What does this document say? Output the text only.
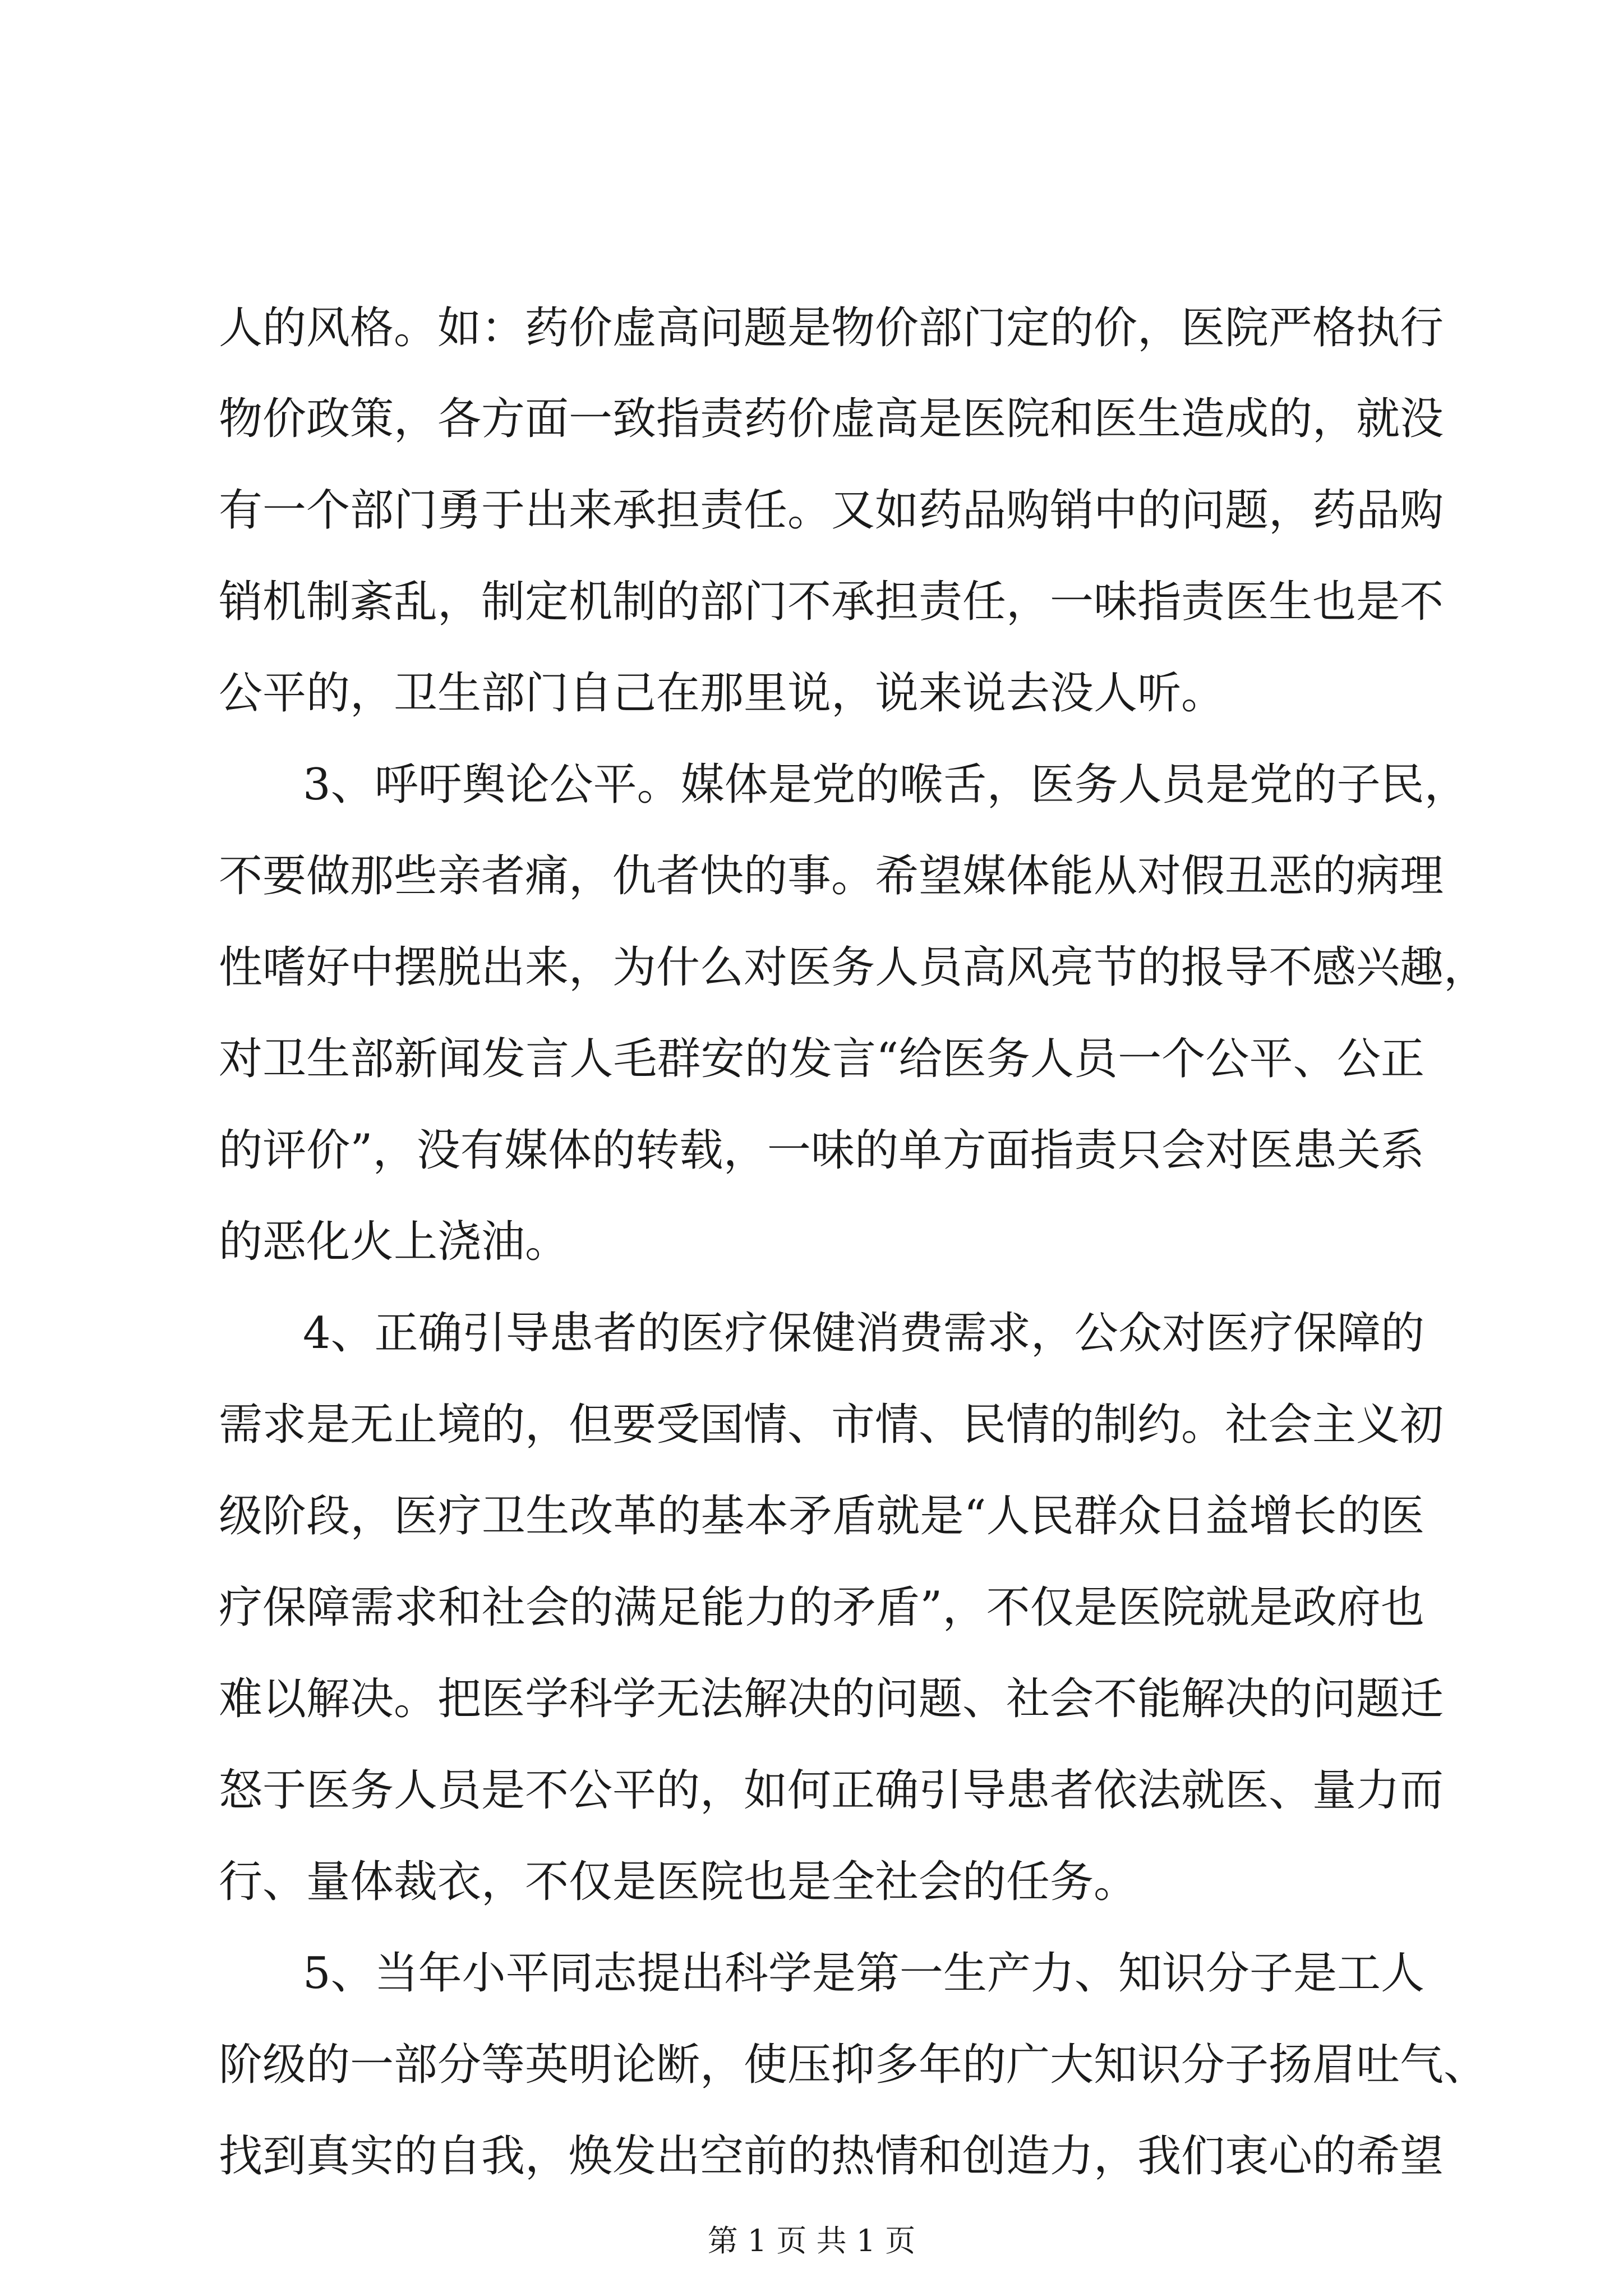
人的风格。如：药价虚高问题是物价部门定的价，医院严格执行
物价政策，各方面一致指责药价虚高是医院和医生造成的，就没
有一个部门勇于出来承担责任。又如药品购销中的问题，药品购
销机制紊乱，制定机制的部门不承担责任，一味指责医生也是不
公平的，卫生部门自己在那里说，说来说去没人听。
3、呼吁舆论公平。媒体是党的喉舌，医务人员是党的子民，
不要做那些亲者痛，仇者快的事。希望媒体能从对假丑恶的病理
性嗜好中摆脱出来，为什么对医务人员高风亮节的报导不感兴趣，
对卫生部新闻发言人毛群安的发言“给医务人员一个公平、公正
的评价”，没有媒体的转载，一味的单方面指责只会对医患关系
的恶化火上浇油。
4、正确引导患者的医疗保健消费需求，公众对医疗保障的
需求是无止境的，但要受国情、市情、民情的制约。社会主义初
级阶段，医疗卫生改革的基本矛盾就是“人民群众日益增长的医
疗保障需求和社会的满足能力的矛盾”，不仅是医院就是政府也
难以解决。把医学科学无法解决的问题、社会不能解决的问题迁
怒于医务人员是不公平的，如何正确引导患者依法就医、量力而
行、量体裁衣，不仅是医院也是全社会的任务。
5、当年小平同志提出科学是第一生产力、知识分子是工人
阶级的一部分等英明论断，使压抑多年的广大知识分子扬眉吐气、
找到真实的自我，焕发出空前的热情和创造力，我们衷心的希望
第 1 页 共 1 页
